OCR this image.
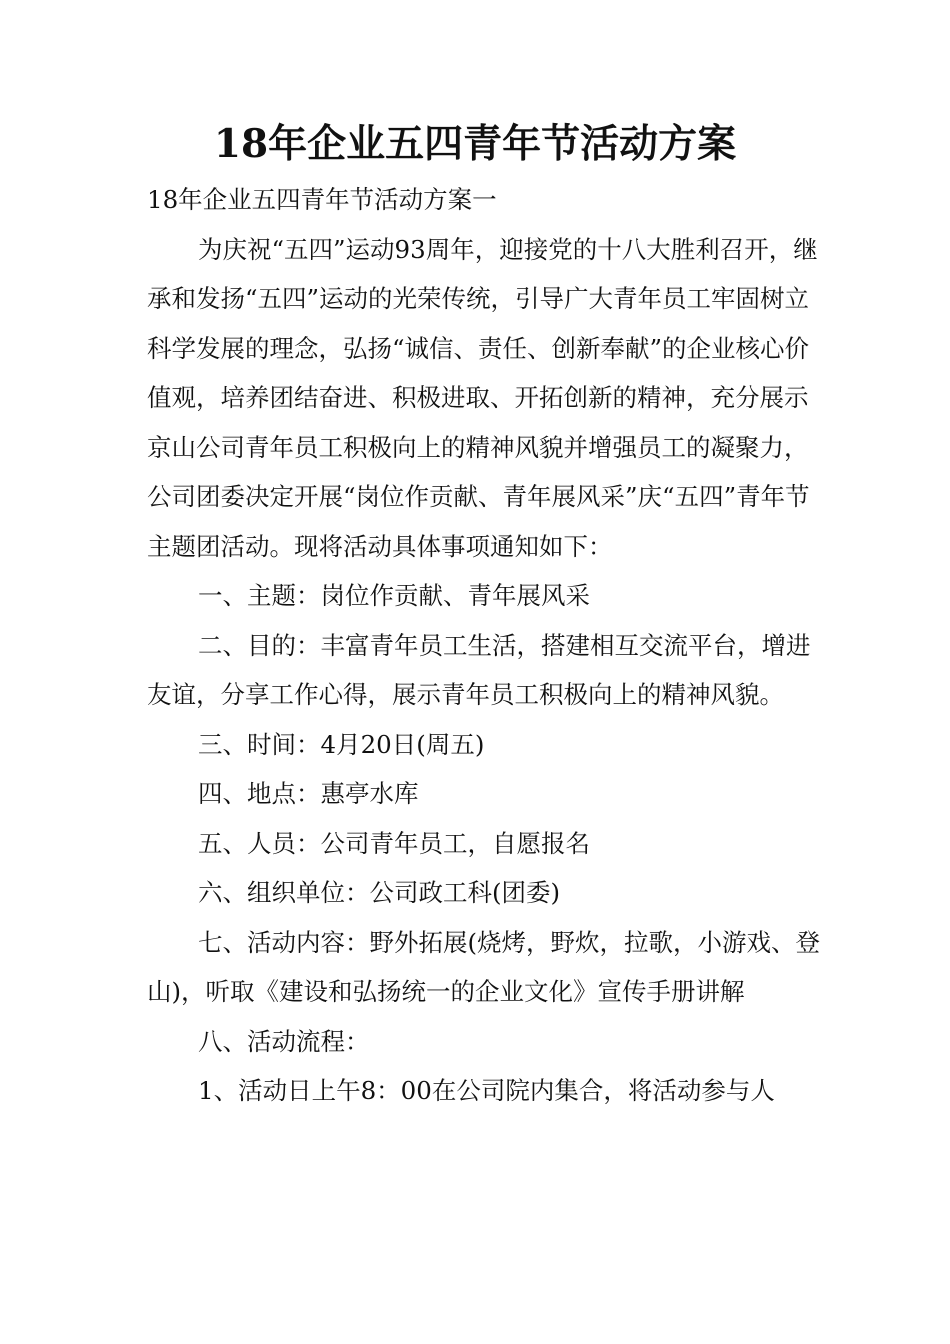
18年企业五四青年节活动方案

18年企业五四青年节活动方案一

为庆祝“五四”运动93周年，迎接党的十八大胜利召开，继承和发扬“五四”运动的光荣传统，引导广大青年员工牢固树立科学发展的理念，弘扬“诚信、责任、创新奉献”的企业核心价值观，培养团结奋进、积极进取、开拓创新的精神，充分展示京山公司青年员工积极向上的精神风貌并增强员工的凝聚力，公司团委决定开展“岗位作贡献、青年展风采”庆“五四”青年节主题团活动。现将活动具体事项通知如下：

一、主题：岗位作贡献、青年展风采

二、目的：丰富青年员工生活，搭建相互交流平台，增进友谊，分享工作心得，展示青年员工积极向上的精神风貌。

三、时间：4月20日(周五)

四、地点：惠亭水库

五、人员：公司青年员工，自愿报名

六、组织单位：公司政工科(团委)

七、活动内容：野外拓展(烧烤，野炊，拉歌，小游戏、登山)，听取《建设和弘扬统一的企业文化》宣传手册讲解

八、活动流程：

1、活动日上午8：00在公司院内集合，将活动参与人
